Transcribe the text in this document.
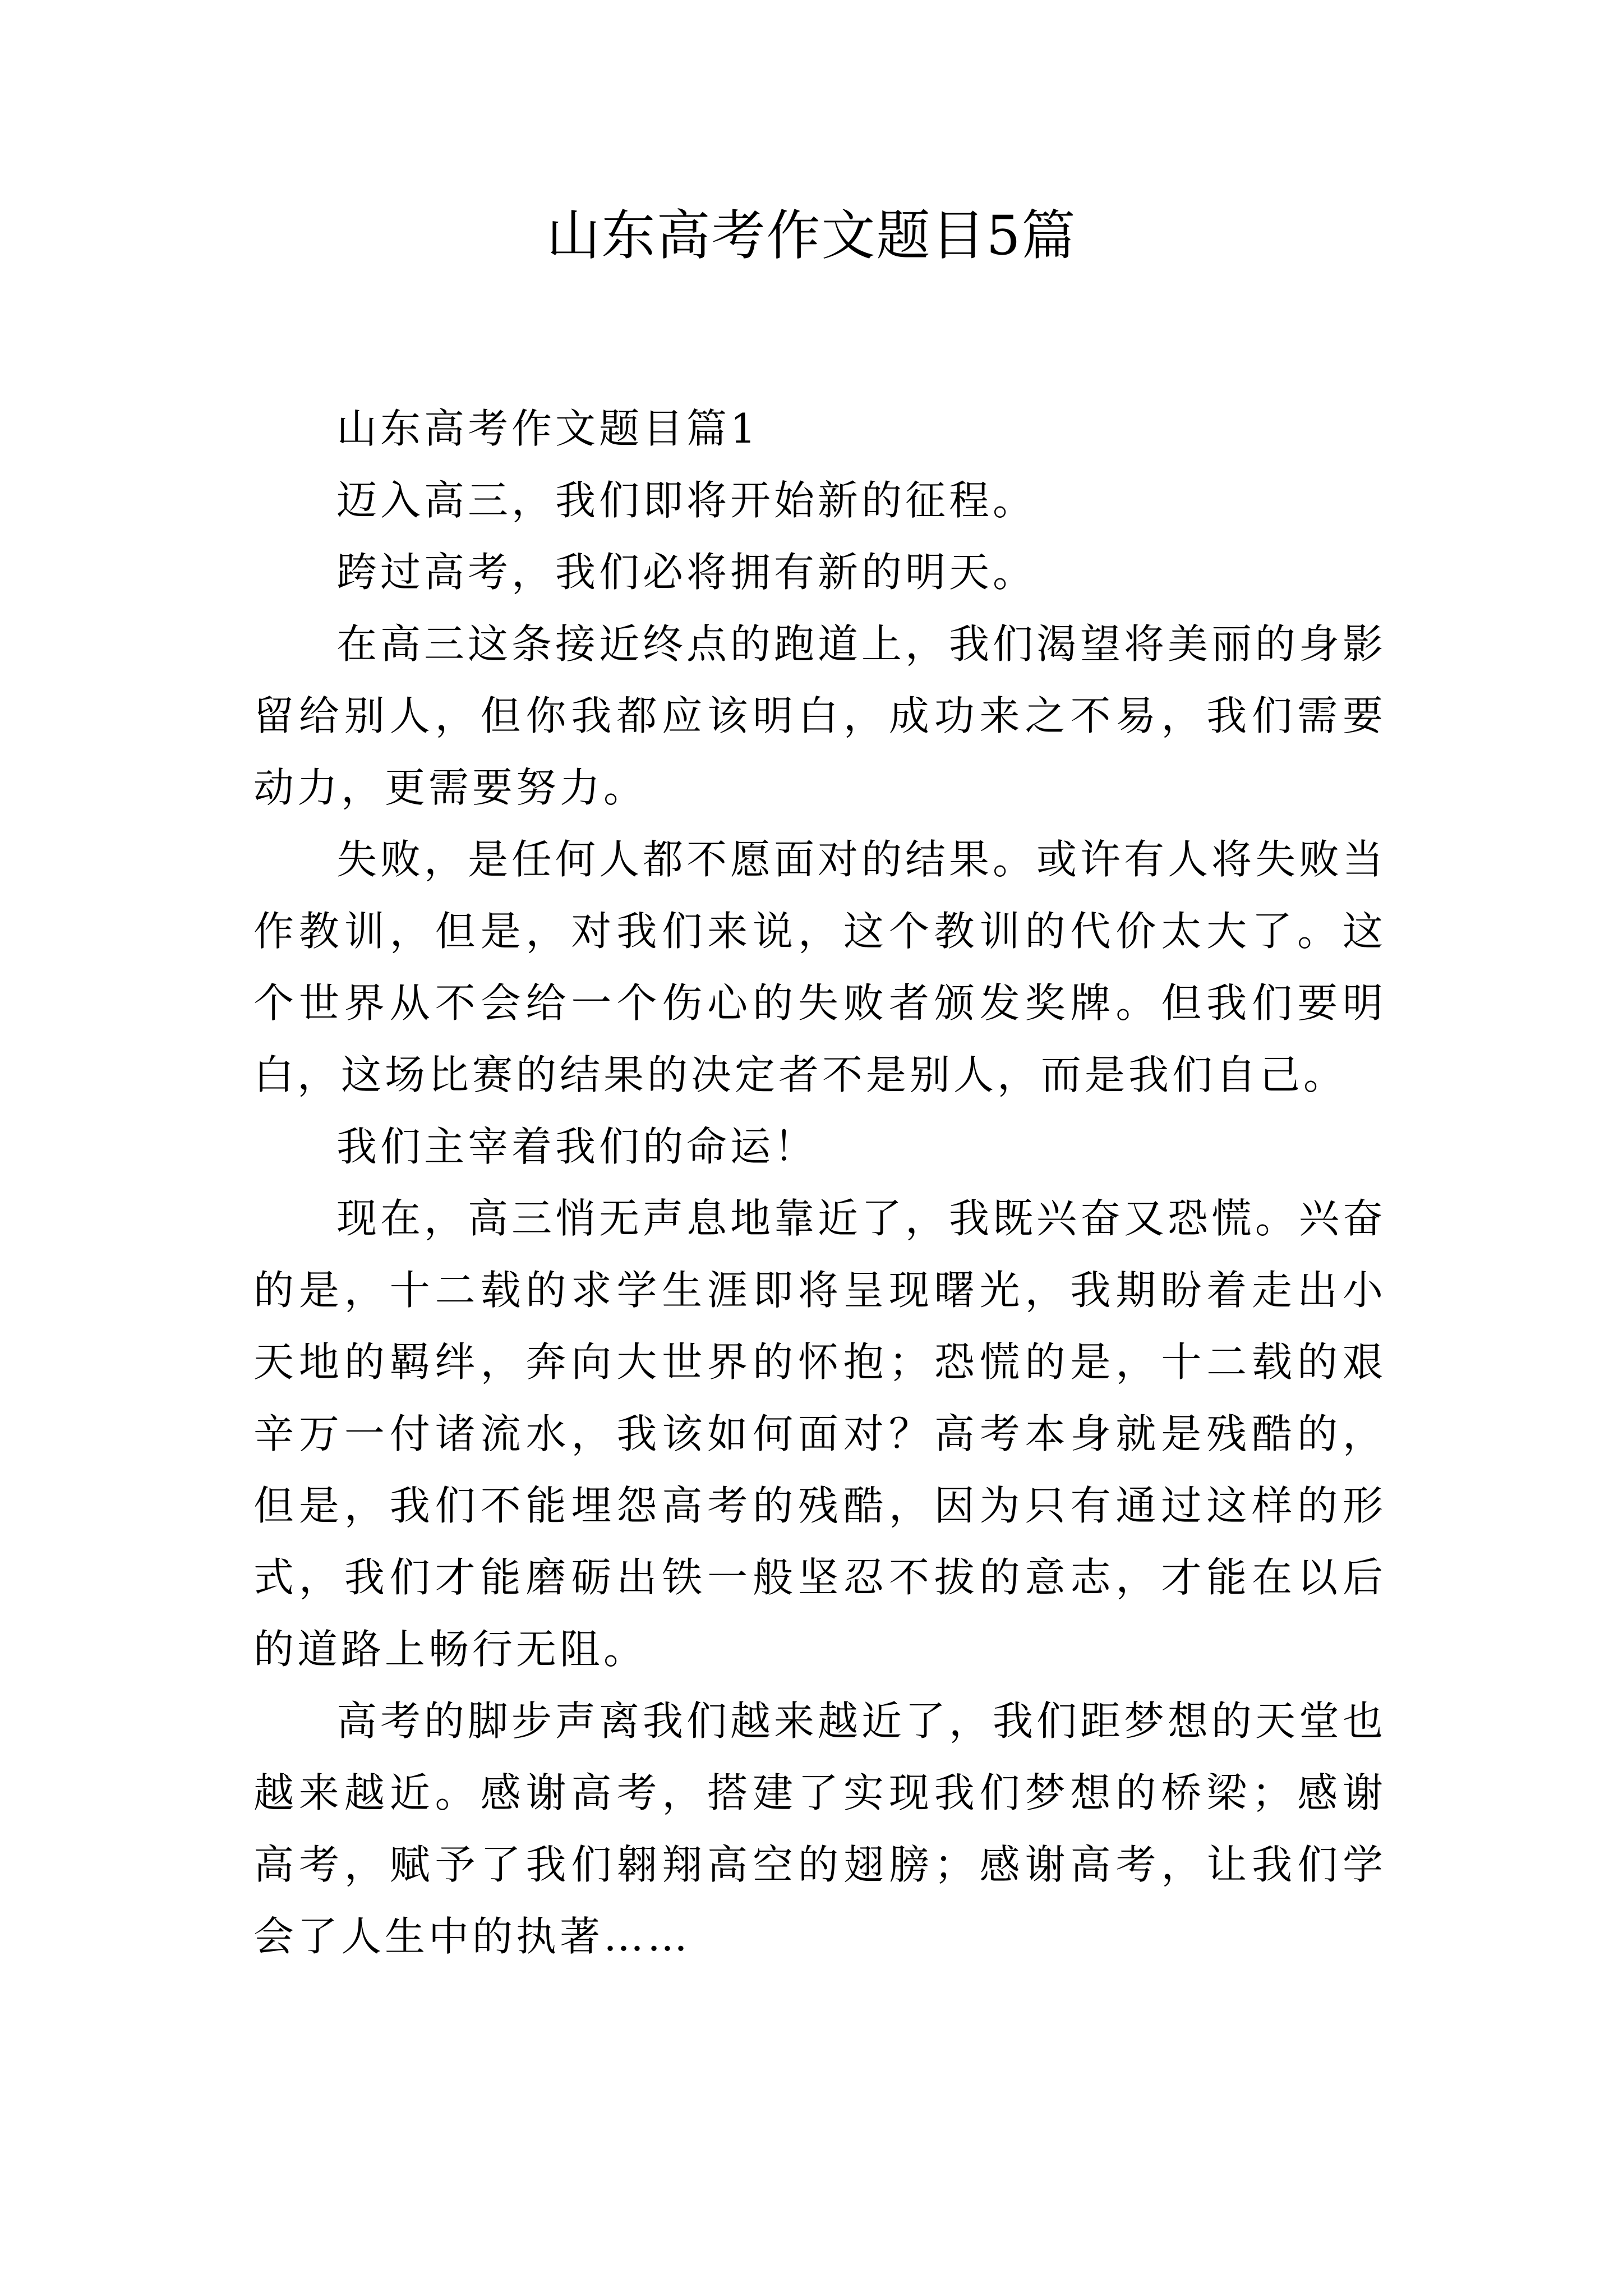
山东高考作文题目5篇

山东高考作文题目篇1

迈入高三，我们即将开始新的征程。

跨过高考，我们必将拥有新的明天。

在高三这条接近终点的跑道上，我们渴望将美丽的身影留给别人，但你我都应该明白，成功来之不易，我们需要动力，更需要努力。

失败，是任何人都不愿面对的结果。或许有人将失败当作教训，但是，对我们来说，这个教训的代价太大了。这个世界从不会给一个伤心的失败者颁发奖牌。但我们要明白，这场比赛的结果的决定者不是别人，而是我们自己。

我们主宰着我们的命运！

现在，高三悄无声息地靠近了，我既兴奋又恐慌。兴奋的是，十二载的求学生涯即将呈现曙光，我期盼着走出小天地的羁绊，奔向大世界的怀抱；恐慌的是，十二载的艰辛万一付诸流水，我该如何面对？高考本身就是残酷的，但是，我们不能埋怨高考的残酷，因为只有通过这样的形式，我们才能磨砺出铁一般坚忍不拔的意志，才能在以后的道路上畅行无阻。

高考的脚步声离我们越来越近了，我们距梦想的天堂也越来越近。感谢高考，搭建了实现我们梦想的桥梁；感谢高考，赋予了我们翱翔高空的翅膀；感谢高考，让我们学会了人生中的执著……
